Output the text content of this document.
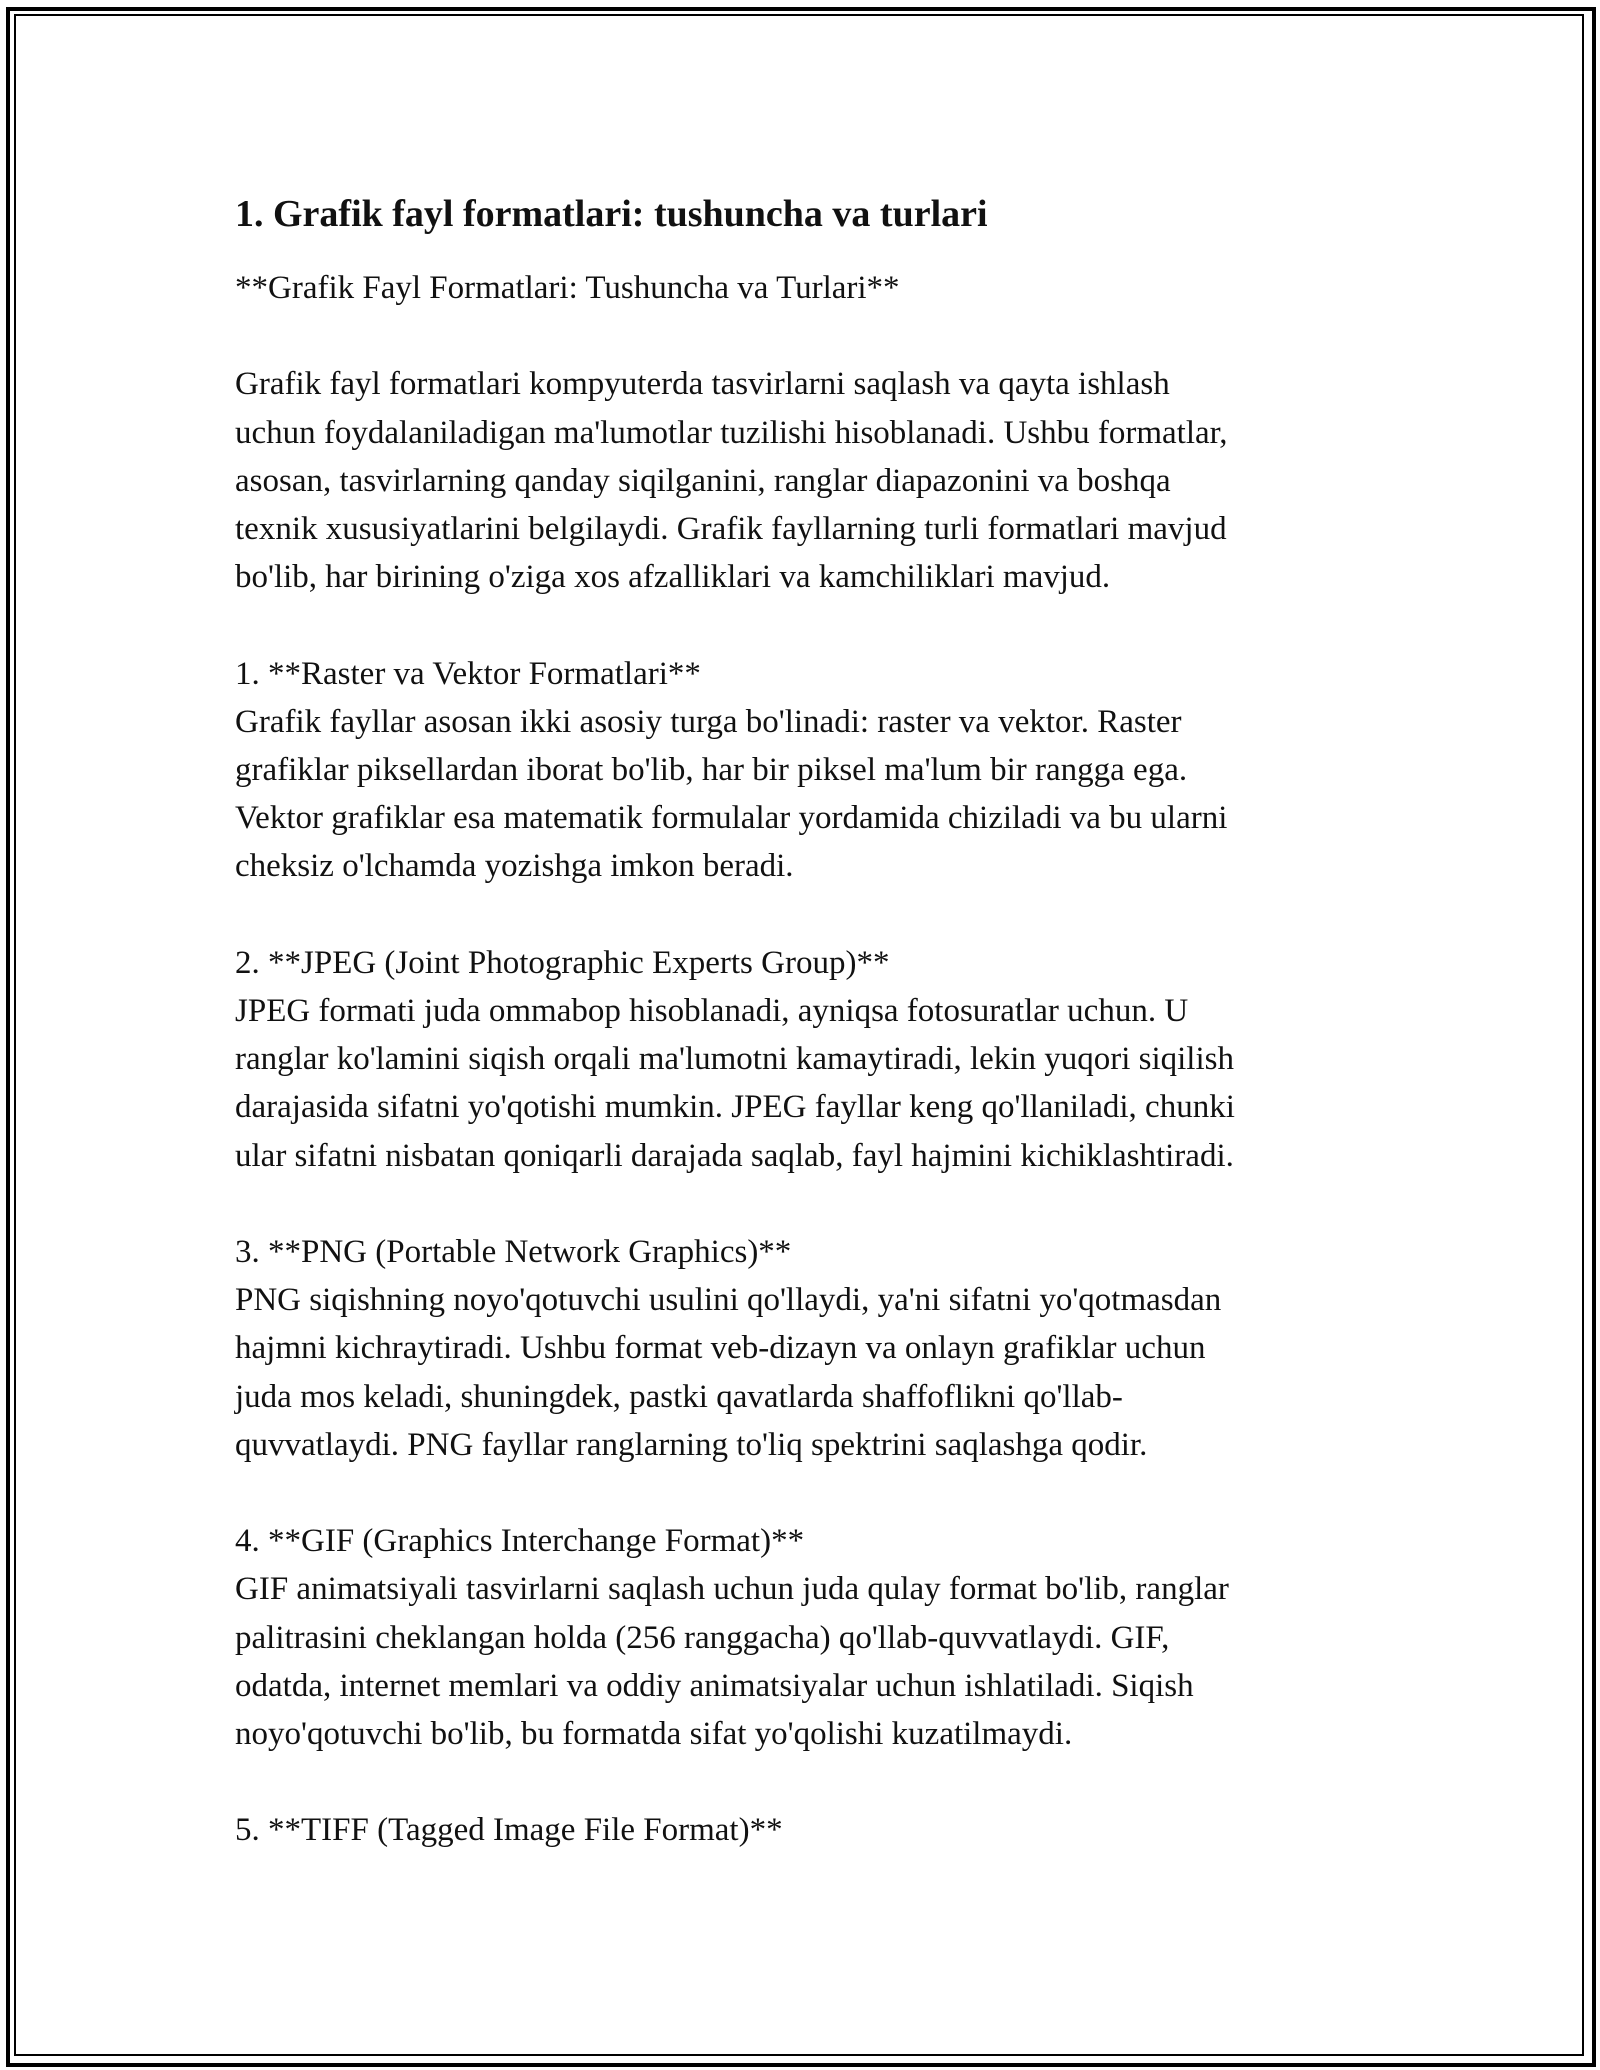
1. Grafik fayl formatlari: tushuncha va turlari
**Grafik Fayl Formatlari: Tushuncha va Turlari**
Grafik fayl formatlari kompyuterda tasvirlarni saqlash va qayta ishlash
uchun foydalaniladigan ma'lumotlar tuzilishi hisoblanadi. Ushbu formatlar,
asosan, tasvirlarning qanday siqilganini, ranglar diapazonini va boshqa
texnik xususiyatlarini belgilaydi. Grafik fayllarning turli formatlari mavjud
bo'lib, har birining o'ziga xos afzalliklari va kamchiliklari mavjud.
1. **Raster va Vektor Formatlari**
Grafik fayllar asosan ikki asosiy turga bo'linadi: raster va vektor. Raster
grafiklar piksellardan iborat bo'lib, har bir piksel ma'lum bir rangga ega.
Vektor grafiklar esa matematik formulalar yordamida chiziladi va bu ularni
cheksiz o'lchamda yozishga imkon beradi.
2. **JPEG (Joint Photographic Experts Group)**
JPEG formati juda ommabop hisoblanadi, ayniqsa fotosuratlar uchun. U
ranglar ko'lamini siqish orqali ma'lumotni kamaytiradi, lekin yuqori siqilish
darajasida sifatni yo'qotishi mumkin. JPEG fayllar keng qo'llaniladi, chunki
ular sifatni nisbatan qoniqarli darajada saqlab, fayl hajmini kichiklashtiradi.
3. **PNG (Portable Network Graphics)**
PNG siqishning noyo'qotuvchi usulini qo'llaydi, ya'ni sifatni yo'qotmasdan
hajmni kichraytiradi. Ushbu format veb-dizayn va onlayn grafiklar uchun
juda mos keladi, shuningdek, pastki qavatlarda shaffoflikni qo'llab-
quvvatlaydi. PNG fayllar ranglarning to'liq spektrini saqlashga qodir.
4. **GIF (Graphics Interchange Format)**
GIF animatsiyali tasvirlarni saqlash uchun juda qulay format bo'lib, ranglar
palitrasini cheklangan holda (256 ranggacha) qo'llab-quvvatlaydi. GIF,
odatda, internet memlari va oddiy animatsiyalar uchun ishlatiladi. Siqish
noyo'qotuvchi bo'lib, bu formatda sifat yo'qolishi kuzatilmaydi.
5. **TIFF (Tagged Image File Format)**
